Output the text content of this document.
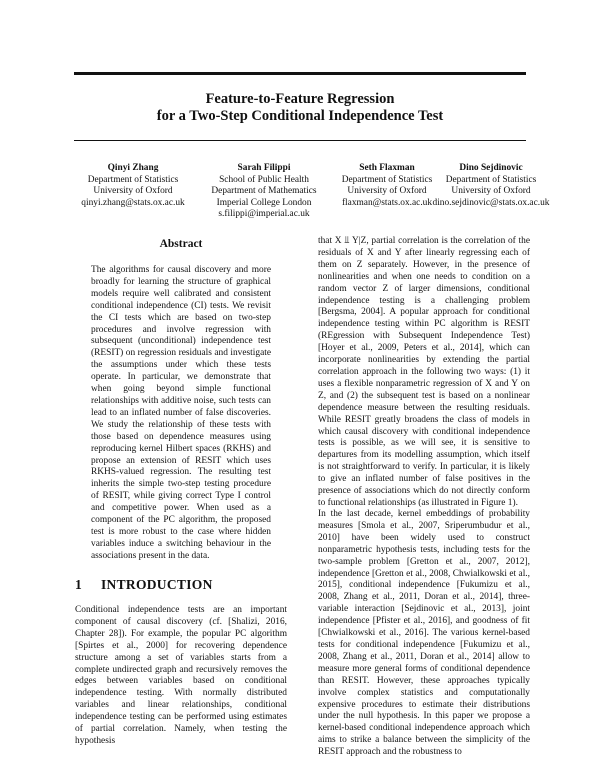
Feature-to-Feature Regression
for a Two-Step Conditional Independence Test
Qinyi Zhang
Department of Statistics
University of Oxford
qinyi.zhang@stats.ox.ac.uk
Sarah Filippi
School of Public Health
Department of Mathematics
Imperial College London
s.filippi@imperial.ac.uk
Seth Flaxman
Department of Statistics
University of Oxford
flaxman@stats.ox.ac.uk
Dino Sejdinovic
Department of Statistics
University of Oxford
dino.sejdinovic@stats.ox.ac.uk
Abstract

The algorithms for causal discovery and more broadly for learning the structure of graphical models require well calibrated and consistent conditional independence (CI) tests. We revisit the CI tests which are based on two-step procedures and involve regression with subsequent (unconditional) independence test (RESIT) on regression residuals and investigate the assumptions under which these tests operate. In particular, we demonstrate that when going beyond simple functional relationships with additive noise, such tests can lead to an inflated number of false discoveries. We study the relationship of these tests with those based on dependence measures using reproducing kernel Hilbert spaces (RKHS) and propose an extension of RESIT which uses RKHS-valued regression. The resulting test inherits the simple two-step testing procedure of RESIT, while giving correct Type I control and competitive power. When used as a component of the PC algorithm, the proposed test is more robust to the case where hidden variables induce a switching behaviour in the associations present in the data.

1 INTRODUCTION

Conditional independence tests are an important component of causal discovery (cf. [Shalizi, 2016, Chapter 28]). For example, the popular PC algorithm [Spirtes et al., 2000] for recovering dependence structure among a set of variables starts from a complete undirected graph and recursively removes the edges between variables based on conditional independence testing. With normally distributed variables and linear relationships, conditional independence testing can be performed using estimates of partial correlation. Namely, when testing the hypothesis

that X ⫫ Y|Z, partial correlation is the correlation of the residuals of X and Y after linearly regressing each of them on Z separately. However, in the presence of nonlinearities and when one needs to condition on a random vector Z of larger dimensions, conditional independence testing is a challenging problem [Bergsma, 2004]. A popular approach for conditional independence testing within PC algorithm is RESIT (REgression with Subsequent Independence Test) [Hoyer et al., 2009, Peters et al., 2014], which can incorporate nonlinearities by extending the partial correlation approach in the following two ways: (1) it uses a flexible nonparametric regression of X and Y on Z, and (2) the subsequent test is based on a nonlinear dependence measure between the resulting residuals. While RESIT greatly broadens the class of models in which causal discovery with conditional independence tests is possible, as we will see, it is sensitive to departures from its modelling assumption, which itself is not straightforward to verify. In particular, it is likely to give an inflated number of false positives in the presence of associations which do not directly conform to functional relationships (as illustrated in Figure 1).

In the last decade, kernel embeddings of probability measures [Smola et al., 2007, Sriperumbudur et al., 2010] have been widely used to construct nonparametric hypothesis tests, including tests for the two-sample problem [Gretton et al., 2007, 2012], independence [Gretton et al., 2008, Chwialkowski et al., 2015], conditional independence [Fukumizu et al., 2008, Zhang et al., 2011, Doran et al., 2014], three-variable interaction [Sejdinovic et al., 2013], joint independence [Pfister et al., 2016], and goodness of fit [Chwialkowski et al., 2016]. The various kernel-based tests for conditional independence [Fukumizu et al., 2008, Zhang et al., 2011, Doran et al., 2014] allow to measure more general forms of conditional dependence than RESIT. However, these approaches typically involve complex statistics and computationally expensive procedures to estimate their distributions under the null hypothesis. In this paper we propose a kernel-based conditional independence approach which aims to strike a balance between the simplicity of the RESIT approach and the robustness to
